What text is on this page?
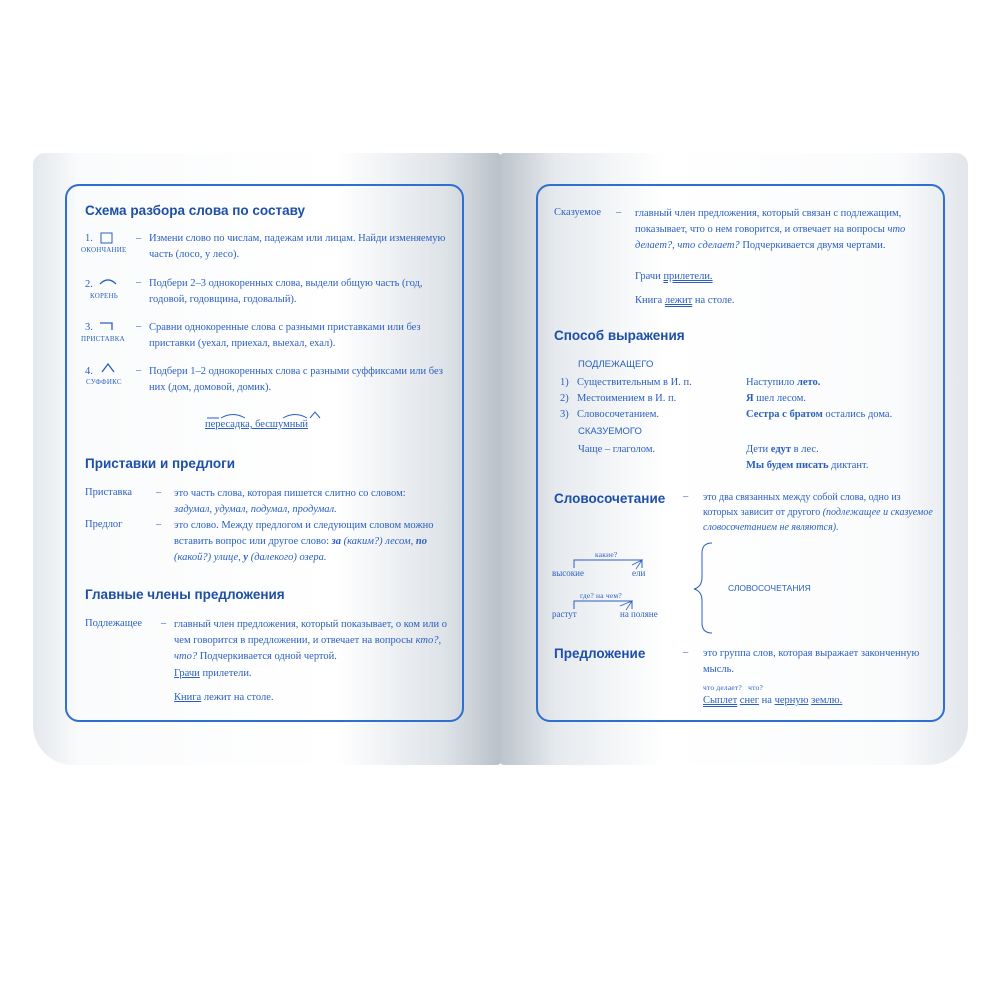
Схема разбора слова по составу
1.
ОКОНЧАНИЕ
– Измени слово по числам, падежам или лицам. Найди изменяемую часть (лосо, у лесо).
2.
КОРЕНЬ
– Подбери 2–3 однокоренных слова, выдели общую часть (год, годовой, годовщина, годовалый).
3.
ПРИСТАВКА
– Сравни однокоренные слова с разными приставками или без приставки (уехал, приехал, выехал, ехал).
4.
СУФФИКС
– Подбери 1–2 однокоренных слова с разными суффиксами или без них (дом, домовой, домик).
пересадка, бесшумный
Приставки и предлоги
Приставка – это часть слова, которая пишется слитно со словом:
задумал, удумал, подумал, продумал.
Предлог	– это слово. Между предлогом и следующим словом можно вставить вопрос или другое слово: за (каким?) лесом, по (какой?) улице, у (далекого) озера.
Главные члены предложения
Подлежащее – главный член предложения, который показывает, о ком или о чем говорится в предложении, и отвечает на вопросы кто?, что? Подчеркивается одной чертой.
Грачи прилетели.
Книга лежит на столе.
Сказуемое – главный член предложения, который связан с подлежащим, показывает, что о нем говорится, и отвечает на вопросы что делает?, что сделает? Подчеркивается двумя чертами.
Грачи прилетели.
Книга лежит на столе.
Способ выражения
ПОДЛЕЖАЩЕГО
1) Существительным в И. п.	Наступило лето.
2) Местоимением в И. п.	Я шел лесом.
3) Словосочетанием.	Сестра с братом остались дома.
СКАЗУЕМОГО
Чаще – глаголом.	Дети едут в лес.
Мы будем писать диктант.
Словосочетание – это два связанных между собой слова, одно из которых зависит от другого (подлежащее и сказуемое словосочетанием не являются).
какие?
высокие	ели
где? на чем?
растут	на поляне
СЛОВОСОЧЕТАНИЯ
Предложение	– это группа слов, которая выражает законченную мысль.
что делает?   что?
Сыплет снег на черную землю.
